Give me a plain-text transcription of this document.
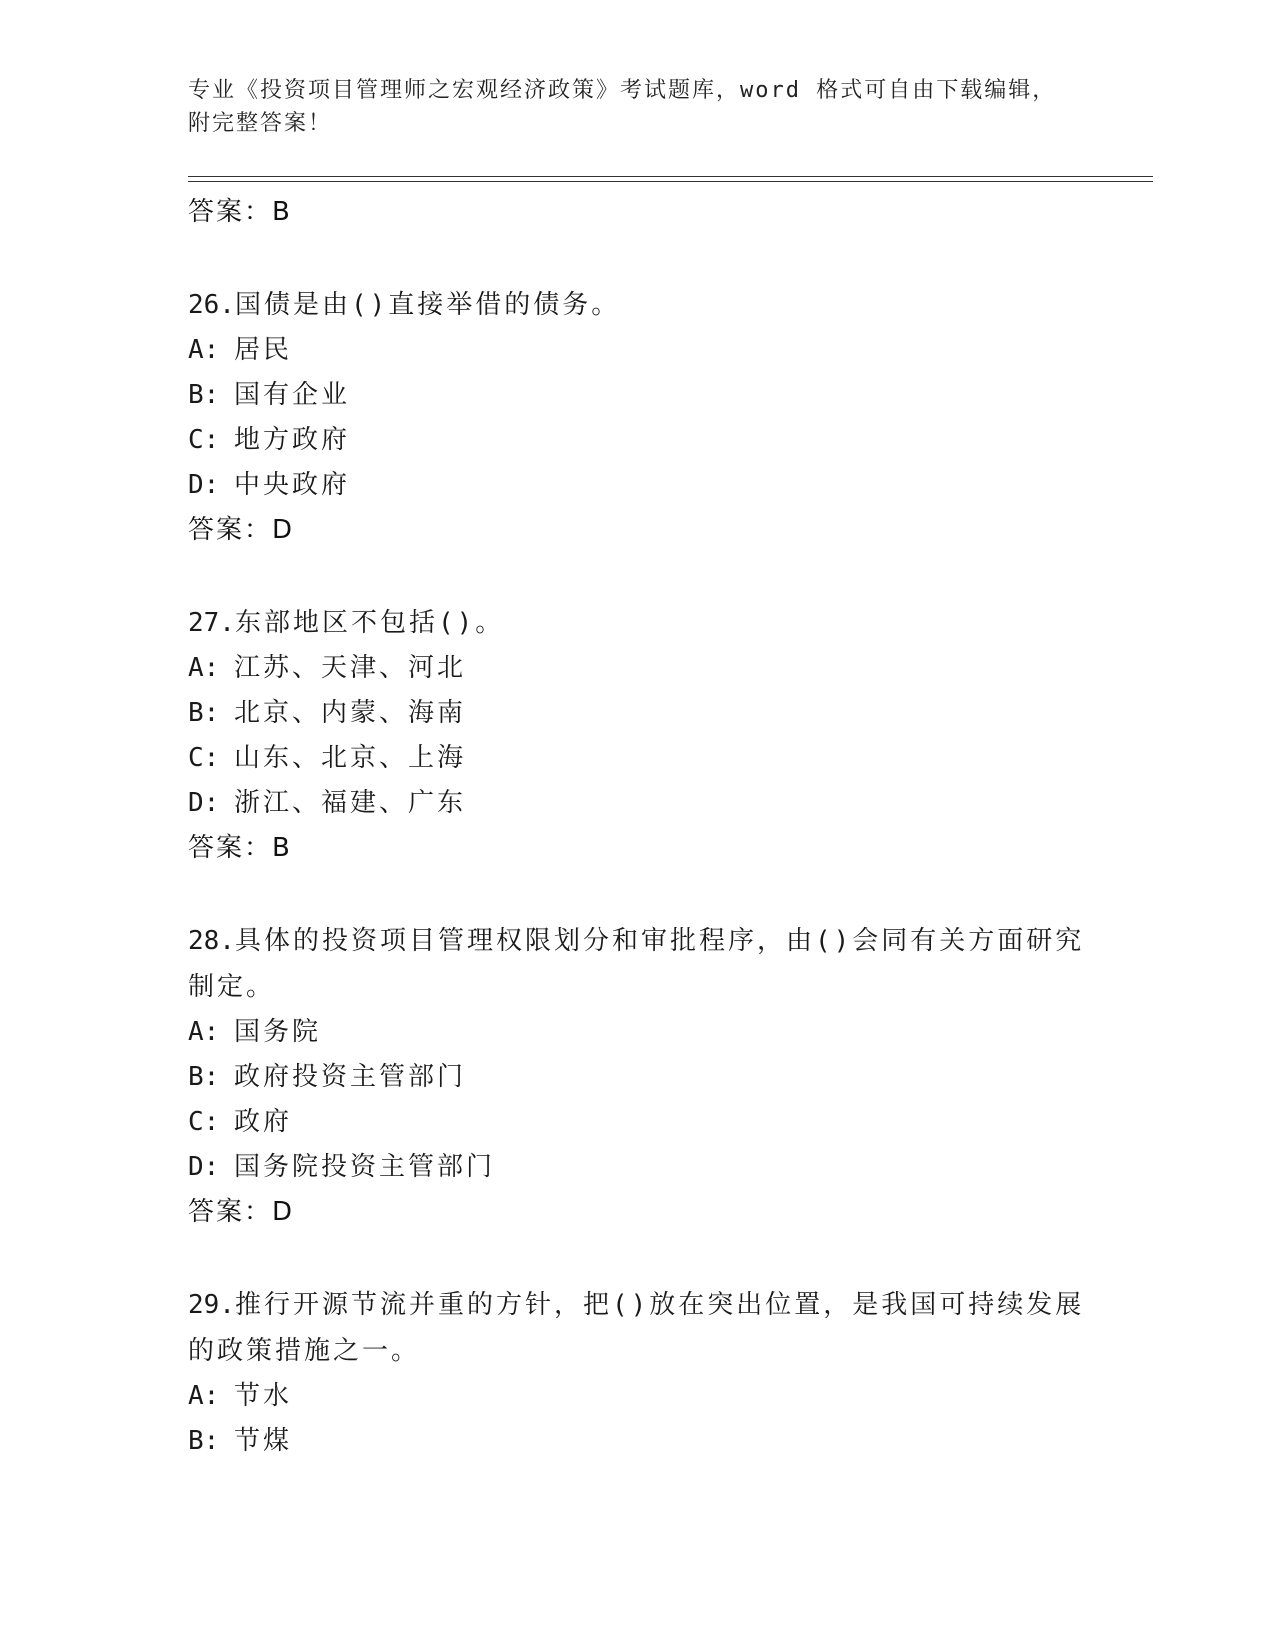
专业《投资项目管理师之宏观经济政策》考试题库，word 格式可自由下载编辑，
附完整答案！
答案：B
26.国债是由()直接举借的债务。
A: 居民
B: 国有企业
C: 地方政府
D: 中央政府
答案：D
27.东部地区不包括()。
A: 江苏、天津、河北
B: 北京、内蒙、海南
C: 山东、北京、上海
D: 浙江、福建、广东
答案：B
28.具体的投资项目管理权限划分和审批程序，由()会同有关方面研究制定。
A: 国务院
B: 政府投资主管部门
C: 政府
D: 国务院投资主管部门
答案：D
29.推行开源节流并重的方针，把()放在突出位置，是我国可持续发展的政策措施之一。
A: 节水
B: 节煤
